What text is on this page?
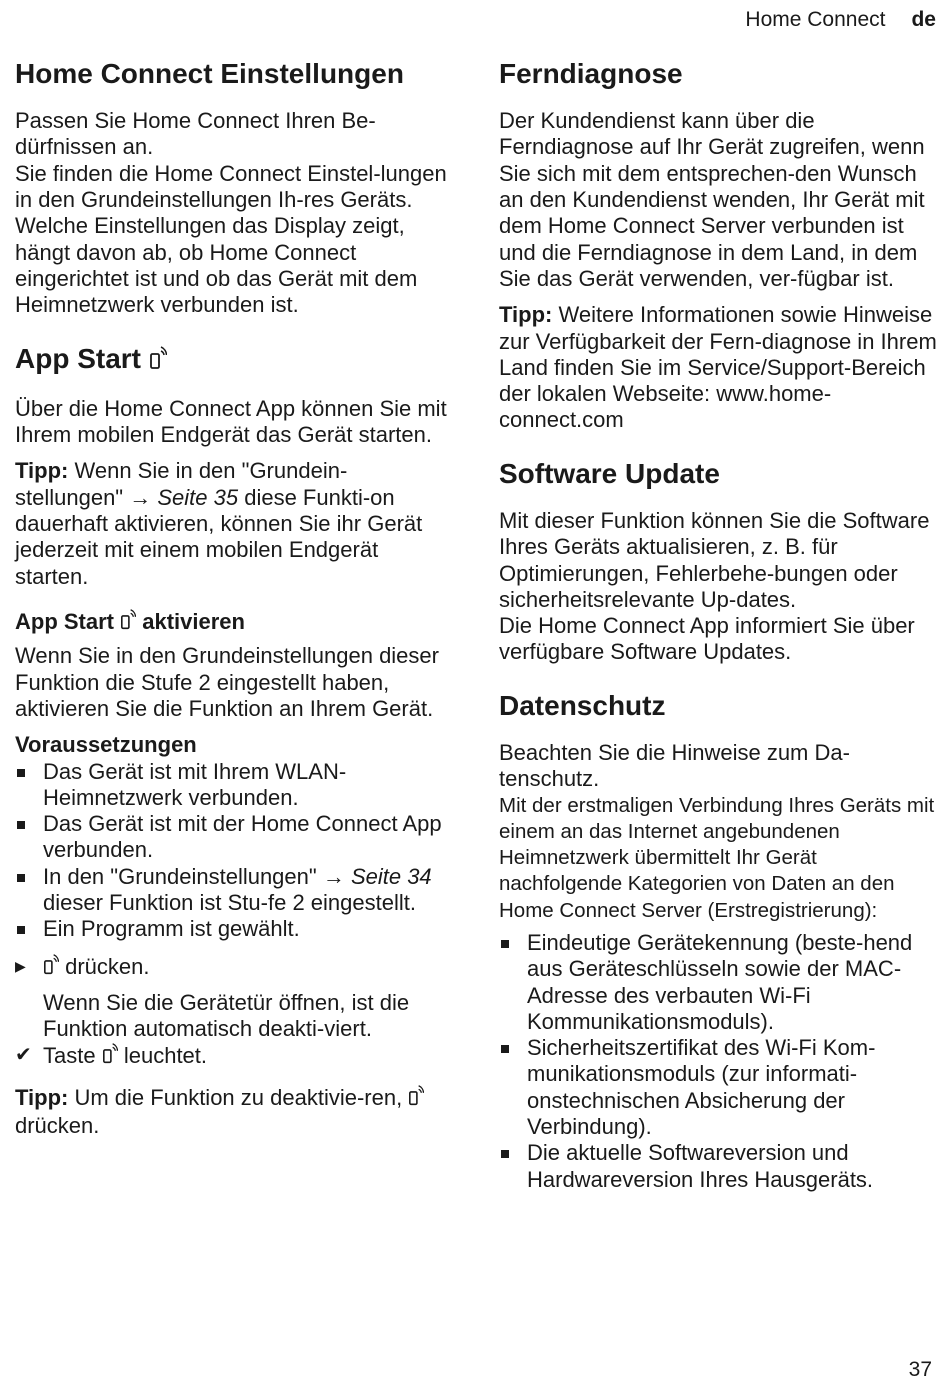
Home Connect de
Home Connect Einstellungen

Passen Sie Home Connect Ihren Be-dürfnissen an.

Sie finden die Home Connect Einstel-lungen in den Grundeinstellungen Ih-res Geräts. Welche Einstellungen das Display zeigt, hängt davon ab, ob Home Connect eingerichtet ist und ob das Gerät mit dem Heimnetzwerk verbunden ist.

App Start

Über die Home Connect App können Sie mit Ihrem mobilen Endgerät das Gerät starten.

Tipp: Wenn Sie in den "Grundein-stellungen" → Seite 35 diese Funkti-on dauerhaft aktivieren, können Sie ihr Gerät jederzeit mit einem mobilen Endgerät starten.

App Start aktivieren

Wenn Sie in den Grundeinstellungen dieser Funktion die Stufe 2 eingestellt haben, aktivieren Sie die Funktion an Ihrem Gerät.

Voraussetzungen
Das Gerät ist mit Ihrem WLAN-Heimnetzwerk verbunden.
Das Gerät ist mit der Home Connect App verbunden.
In den "Grundeinstellungen" → Seite 34 dieser Funktion ist Stu-fe 2 eingestellt.
Ein Programm ist gewählt.
▶ drücken.

Wenn Sie die Gerätetür öffnen, ist die Funktion automatisch deakti-viert.

✔ Taste leuchtet.

Tipp: Um die Funktion zu deaktivie-ren,  drücken.

Ferndiagnose

Der Kundendienst kann über die Ferndiagnose auf Ihr Gerät zugreifen, wenn Sie sich mit dem entsprechen-den Wunsch an den Kundendienst wenden, Ihr Gerät mit dem Home Connect Server verbunden ist und die Ferndiagnose in dem Land, in dem Sie das Gerät verwenden, ver-fügbar ist.

Tipp: Weitere Informationen sowie Hinweise zur Verfügbarkeit der Fern-diagnose in Ihrem Land finden Sie im Service/Support-Bereich der lokalen Webseite: www.home-connect.com

Software Update

Mit dieser Funktion können Sie die Software Ihres Geräts aktualisieren, z. B. für Optimierungen, Fehlerbehe-bungen oder sicherheitsrelevante Up-dates.

Die Home Connect App informiert Sie über verfügbare Software Updates.

Datenschutz

Beachten Sie die Hinweise zum Da-tenschutz.

Mit der erstmaligen Verbindung Ihres Geräts mit einem an das Internet angebundenen Heimnetzwerk übermittelt Ihr Gerät nachfolgende Kategorien von Daten an den Home Connect Server (Erstregistrierung):

Eindeutige Gerätekennung (beste-hend aus Geräteschlüsseln sowie der MAC-Adresse des verbauten Wi-Fi Kommunikationsmoduls).
Sicherheitszertifikat des Wi-Fi Kom-munikationsmoduls (zur informati-onstechnischen Absicherung der Verbindung).
Die aktuelle Softwareversion und Hardwareversion Ihres Hausgeräts.
37
